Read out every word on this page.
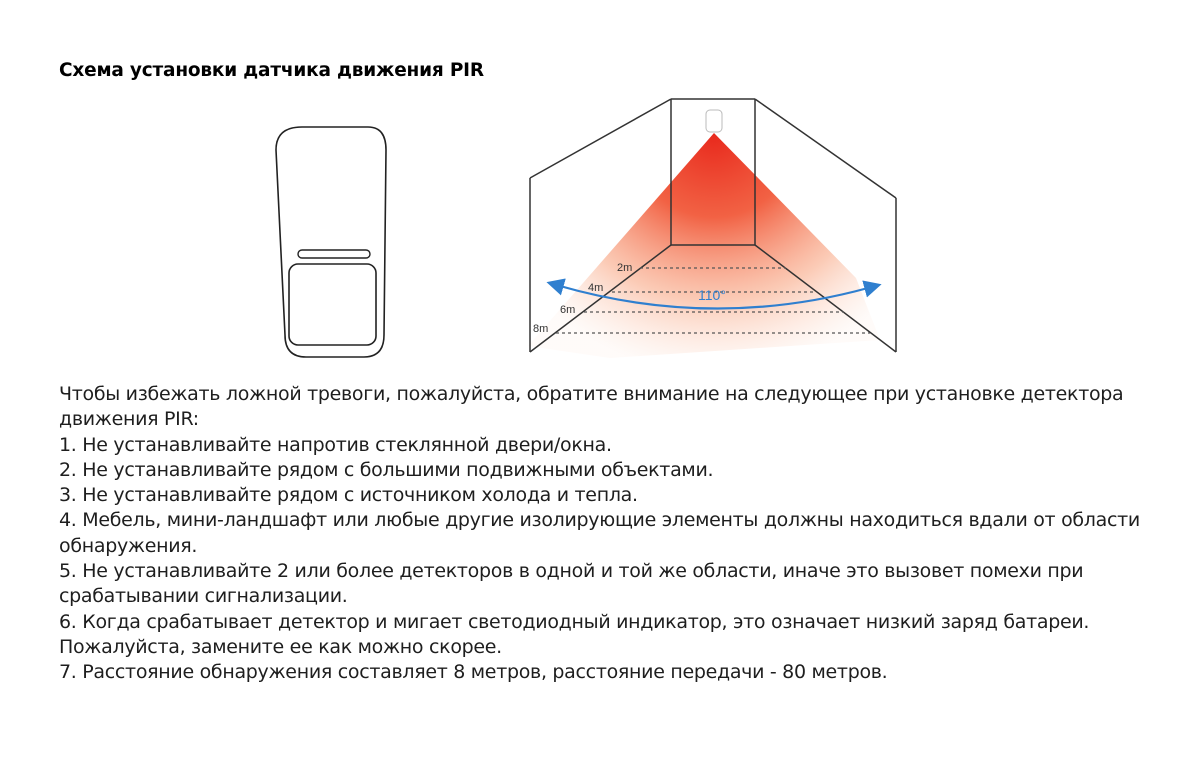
Схема установки датчика движения PIR
2m
4m
6m
8m
110°

Чтобы избежать ложной тревоги, пожалуйста, обратите внимание на следующее при установке детектора движения PIR:

1. Не устанавливайте напротив стеклянной двери/окна.

2. Не устанавливайте рядом с большими подвижными объектами.

3. Не устанавливайте рядом с источником холода и тепла.

4. Мебель, мини-ландшафт или любые другие изолирующие элементы должны находиться вдали от области обнаружения.

5. Не устанавливайте 2 или более детекторов в одной и той же области, иначе это вызовет помехи при срабатывании сигнализации.

6. Когда срабатывает детектор и мигает светодиодный индикатор, это означает низкий заряд батареи. Пожалуйста, замените ее как можно скорее.

7. Расстояние обнаружения составляет 8 метров, расстояние передачи - 80 метров.
